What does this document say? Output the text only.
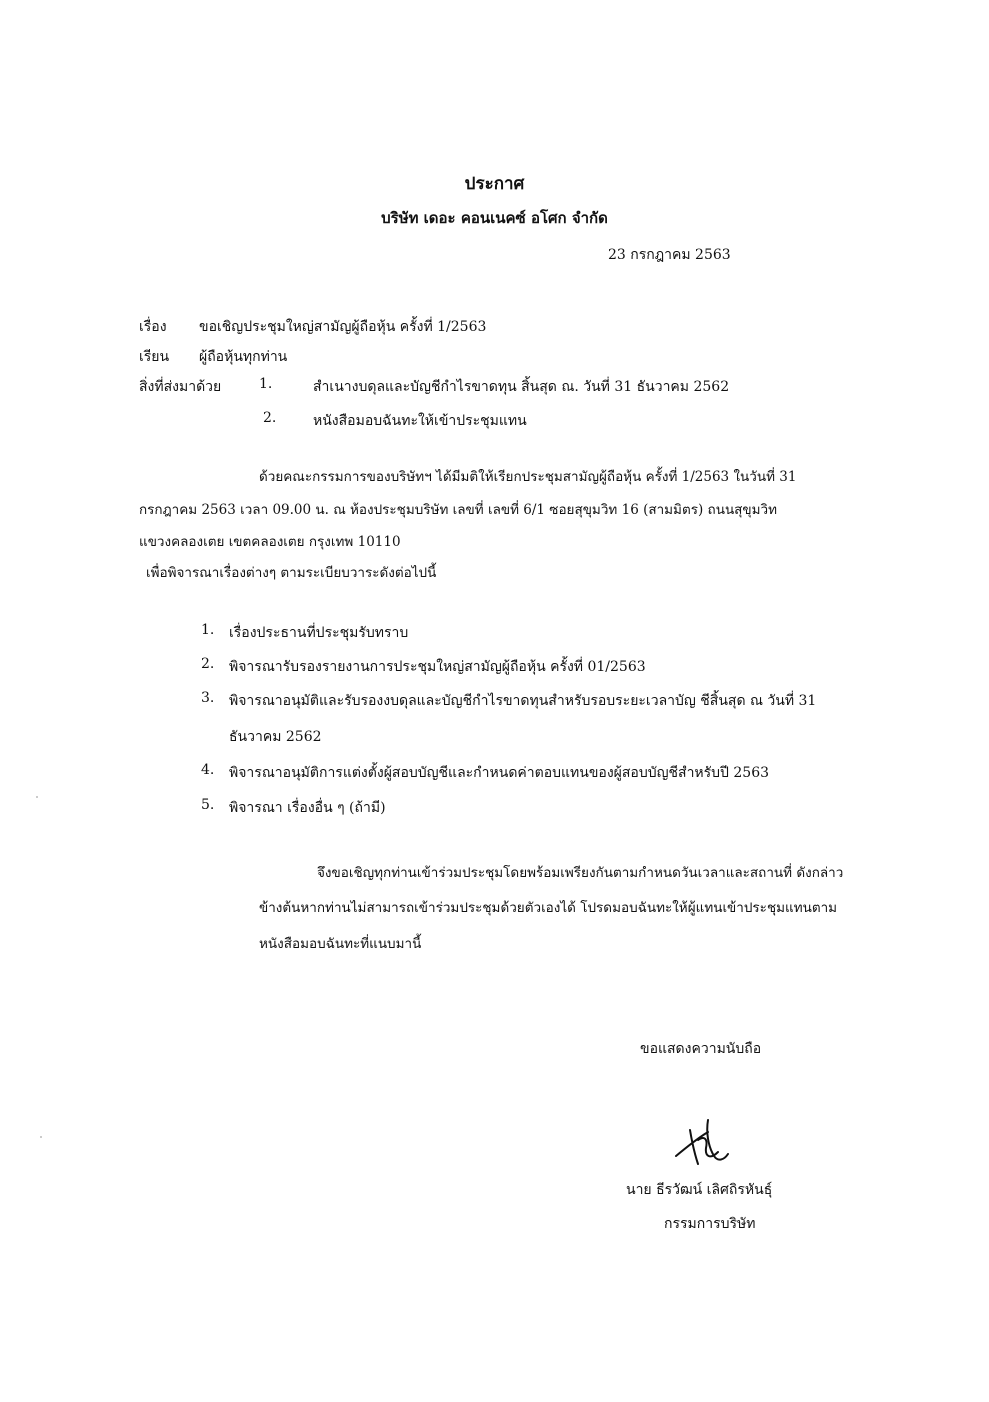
ประกาศ
บริษัท เดอะ คอนเนคซ์ อโศก จำกัด
23 กรกฎาคม 2563
เรื่อง ขอเชิญประชุมใหญ่สามัญผู้ถือหุ้น ครั้งที่ 1/2563
เรียน ผู้ถือหุ้นทุกท่าน
สิ่งที่ส่งมาด้วย	1.	สำเนางบดุลและบัญชีกำไรขาดทุน สิ้นสุด ณ. วันที่ 31 ธันวาคม 2562
2.	หนังสือมอบฉันทะให้เข้าประชุมแทน
ด้วยคณะกรรมการของบริษัทฯ ได้มีมติให้เรียกประชุมสามัญผู้ถือหุ้น ครั้งที่ 1/2563 ในวันที่ 31
กรกฎาคม 2563 เวลา 09.00 น. ณ ห้องประชุมบริษัท เลขที่ เลขที่ 6/1 ซอยสุขุมวิท 16 (สามมิตร) ถนนสุขุมวิท
แขวงคลองเตย เขตคลองเตย กรุงเทพ 10110
เพื่อพิจารณาเรื่องต่างๆ ตามระเบียบวาระดังต่อไปนี้
1. เรื่องประธานที่ประชุมรับทราบ
2. พิจารณารับรองรายงานการประชุมใหญ่สามัญผู้ถือหุ้น ครั้งที่ 01/2563
3. พิจารณาอนุมัติและรับรองงบดุลและบัญชีกำไรขาดทุนสำหรับรอบระยะเวลาบัญ ชีสิ้นสุด ณ วันที่ 31
ธันวาคม 2562
4. พิจารณาอนุมัติการแต่งตั้งผู้สอบบัญชีและกำหนดค่าตอบแทนของผู้สอบบัญชีสำหรับปี 2563
5. พิจารณา เรื่องอื่น ๆ (ถ้ามี)
จึงขอเชิญทุกท่านเข้าร่วมประชุมโดยพร้อมเพรียงกันตามกำหนดวันเวลาและสถานที่ ดังกล่าว
ข้างต้นหากท่านไม่สามารถเข้าร่วมประชุมด้วยตัวเองได้ โปรดมอบฉันทะให้ผู้แทนเข้าประชุมแทนตาม
หนังสือมอบฉันทะที่แนบมานี้
ขอแสดงความนับถือ
นาย ธีรวัฒน์ เลิศถิรหันธุ์
กรรมการบริษัท
